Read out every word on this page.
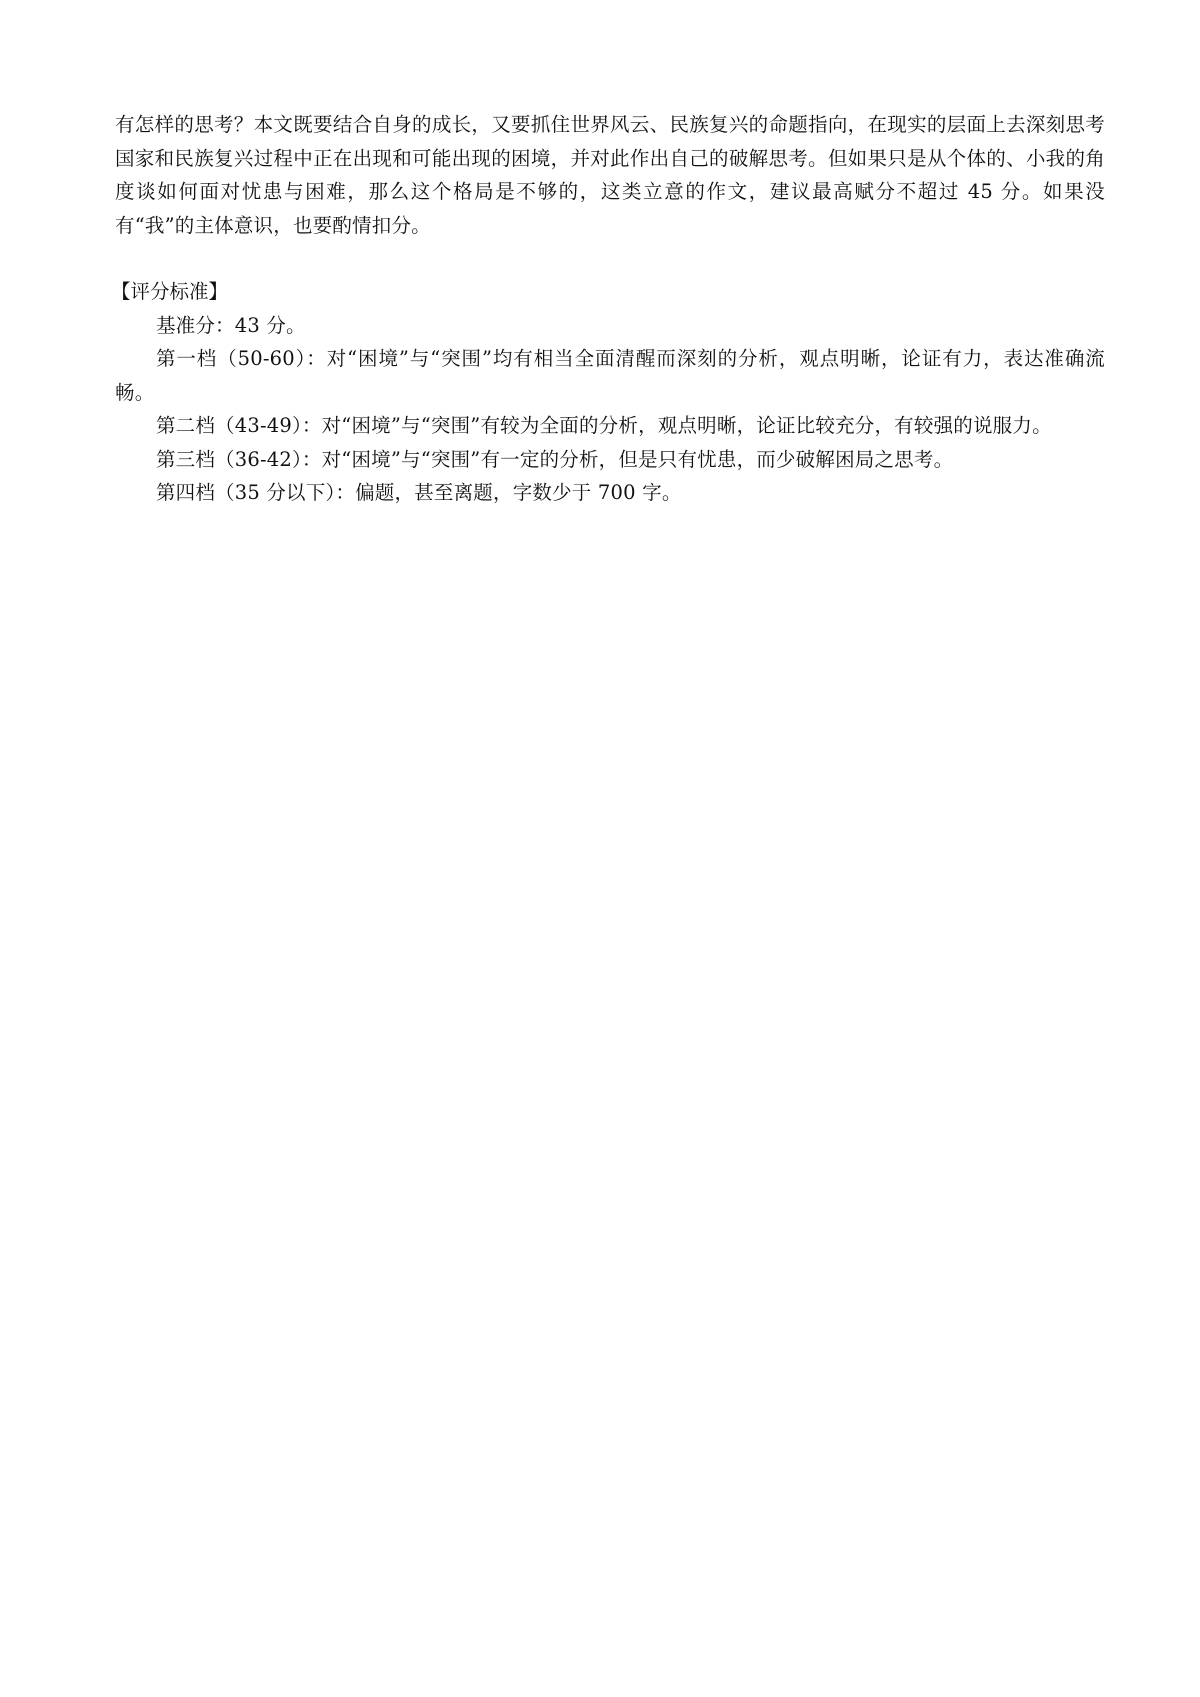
有怎样的思考？本文既要结合自身的成长，又要抓住世界风云、民族复兴的命题指向，在现实的层面上去深刻思考国家和民族复兴过程中正在出现和可能出现的困境，并对此作出自己的破解思考。但如果只是从个体的、小我的角度谈如何面对忧患与困难，那么这个格局是不够的，这类立意的作文，建议最高赋分不超过 45 分。如果没有“我”的主体意识，也要酌情扣分。

【评分标准】

基准分：43 分。

第一档（50-60）：对“困境”与“突围”均有相当全面清醒而深刻的分析，观点明晰，论证有力，表达准确流畅。

第二档（43-49）：对“困境”与“突围”有较为全面的分析，观点明晰，论证比较充分，有较强的说服力。

第三档（36-42）：对“困境”与“突围”有一定的分析，但是只有忧患，而少破解困局之思考。

第四档（35 分以下）：偏题，甚至离题，字数少于 700 字。
